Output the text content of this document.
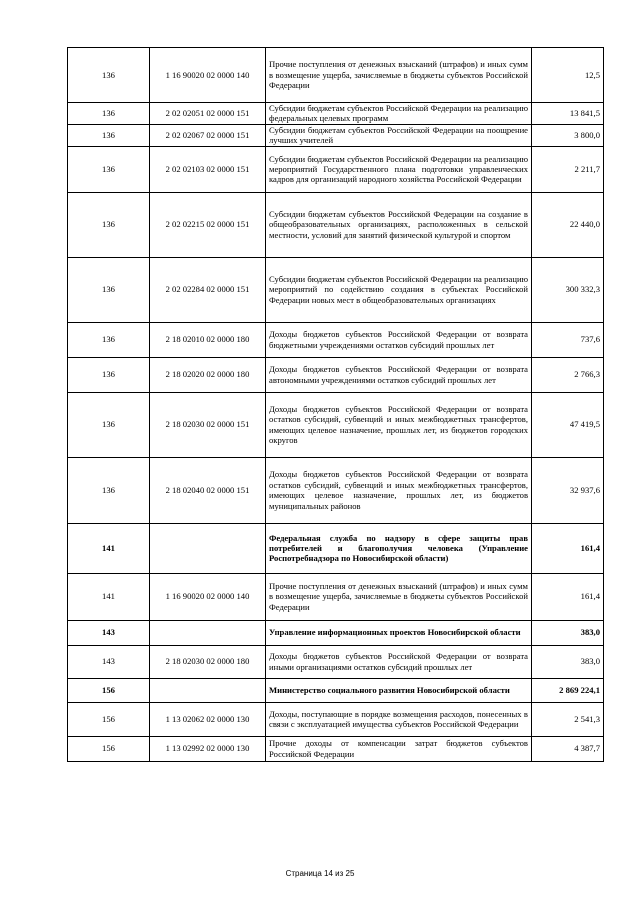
136	1 16 90020 02 0000 140	Прочие поступления от денежных взысканий (штрафов) и иных сумм в возмещение ущерба, зачисляемые в бюджеты субъектов Российской Федерации	12,5
136	2 02 02051 02 0000 151	Субсидии бюджетам субъектов Российской Федерации на реализацию федеральных целевых программ	13 841,5
136	2 02 02067 02 0000 151	Субсидии бюджетам субъектов Российской Федерации на поощрение лучших учителей	3 800,0
136	2 02 02103 02 0000 151	Субсидии бюджетам субъектов Российской Федерации на реализацию мероприятий Государственного плана подготовки управленческих кадров для организаций народного хозяйства Российской Федерации	2 211,7
136	2 02 02215 02 0000 151	Субсидии бюджетам субъектов Российской Федерации на создание в общеобразовательных организациях, расположенных в сельской местности, условий для занятий физической культурой и спортом	22 440,0
136	2 02 02284 02 0000 151	Субсидии бюджетам субъектов Российской Федерации на реализацию мероприятий по содействию создания в субъектах Российской Федерации новых мест в общеобразовательных организациях	300 332,3
136	2 18 02010 02 0000 180	Доходы бюджетов субъектов Российской Федерации от возврата бюджетными учреждениями остатков субсидий прошлых лет	737,6
136	2 18 02020 02 0000 180	Доходы бюджетов субъектов Российской Федерации от возврата автономными учреждениями остатков субсидий прошлых лет	2 766,3
136	2 18 02030 02 0000 151	Доходы бюджетов субъектов Российской Федерации от возврата остатков субсидий, субвенций и иных межбюджетных трансфертов, имеющих целевое назначение, прошлых лет, из бюджетов городских округов	47 419,5
136	2 18 02040 02 0000 151	Доходы бюджетов субъектов Российской Федерации от возврата остатков субсидий, субвенций и иных межбюджетных трансфертов, имеющих целевое назначение, прошлых лет, из бюджетов муниципальных районов	32 937,6
141		Федеральная служба по надзору в сфере защиты прав потребителей и благополучия человека (Управление Роспотребнадзора по Новосибирской области)	161,4
141	1 16 90020 02 0000 140	Прочие поступления от денежных взысканий (штрафов) и иных сумм в возмещение ущерба, зачисляемые в бюджеты субъектов Российской Федерации	161,4
143		Управление информационных проектов Новосибирской области	383,0
143	2 18 02030 02 0000 180	Доходы бюджетов субъектов Российской Федерации от возврата иными организациями остатков субсидий прошлых лет	383,0
156		Министерство социального развития Новосибирской области	2 869 224,1
156	1 13 02062 02 0000 130	Доходы, поступающие в порядке возмещения расходов, понесенных в связи с эксплуатацией имущества субъектов Российской Федерации	2 541,3
156	1 13 02992 02 0000 130	Прочие доходы от компенсации затрат бюджетов субъектов Российской Федерации	4 387,7
Страница 14 из 25
